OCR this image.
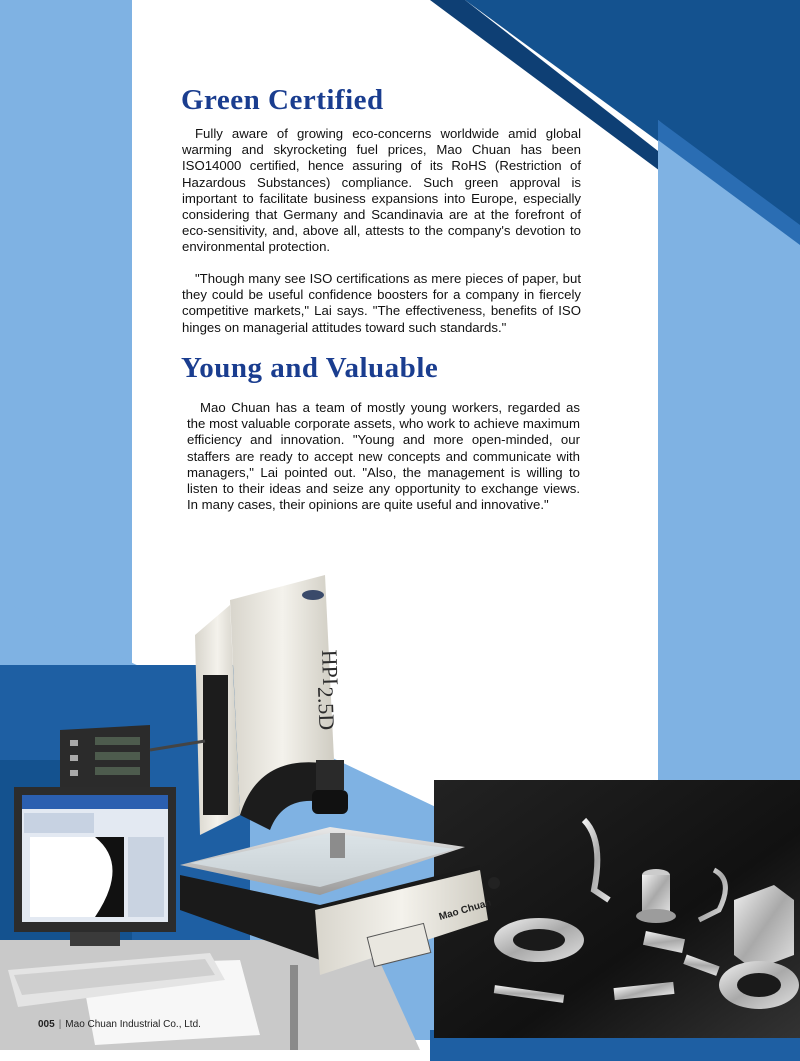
Green Certified

Fully aware of growing eco-concerns worldwide amid global warming and skyrocketing fuel prices, Mao Chuan has been ISO14000 certified, hence assuring of its RoHS (Restriction of Hazardous Substances) compliance. Such green approval is important to facilitate business expansions into Europe, especially considering that Germany and Scandinavia are at the forefront of eco-sensitivity, and, above all, attests to the company's devotion to environmental protection.

"Though many see ISO certifications as mere pieces of paper, but they could be useful confidence boosters for a company in fiercely competitive markets," Lai says. "The effectiveness, benefits of ISO hinges on managerial attitudes toward such standards."

Young and Valuable

Mao Chuan has a team of mostly young workers, regarded as the most valuable corporate assets, who work to achieve maximum efficiency and innovation. "Young and more open-minded, our staffers are ready to accept new concepts and communicate with managers," Lai pointed out. "Also, the management is willing to listen to their ideas and seize any opportunity to exchange views. In many cases, their opinions are quite useful and innovative."

HPI
2.5D
Mao Chuan
005 | Mao Chuan Industrial Co., Ltd.
